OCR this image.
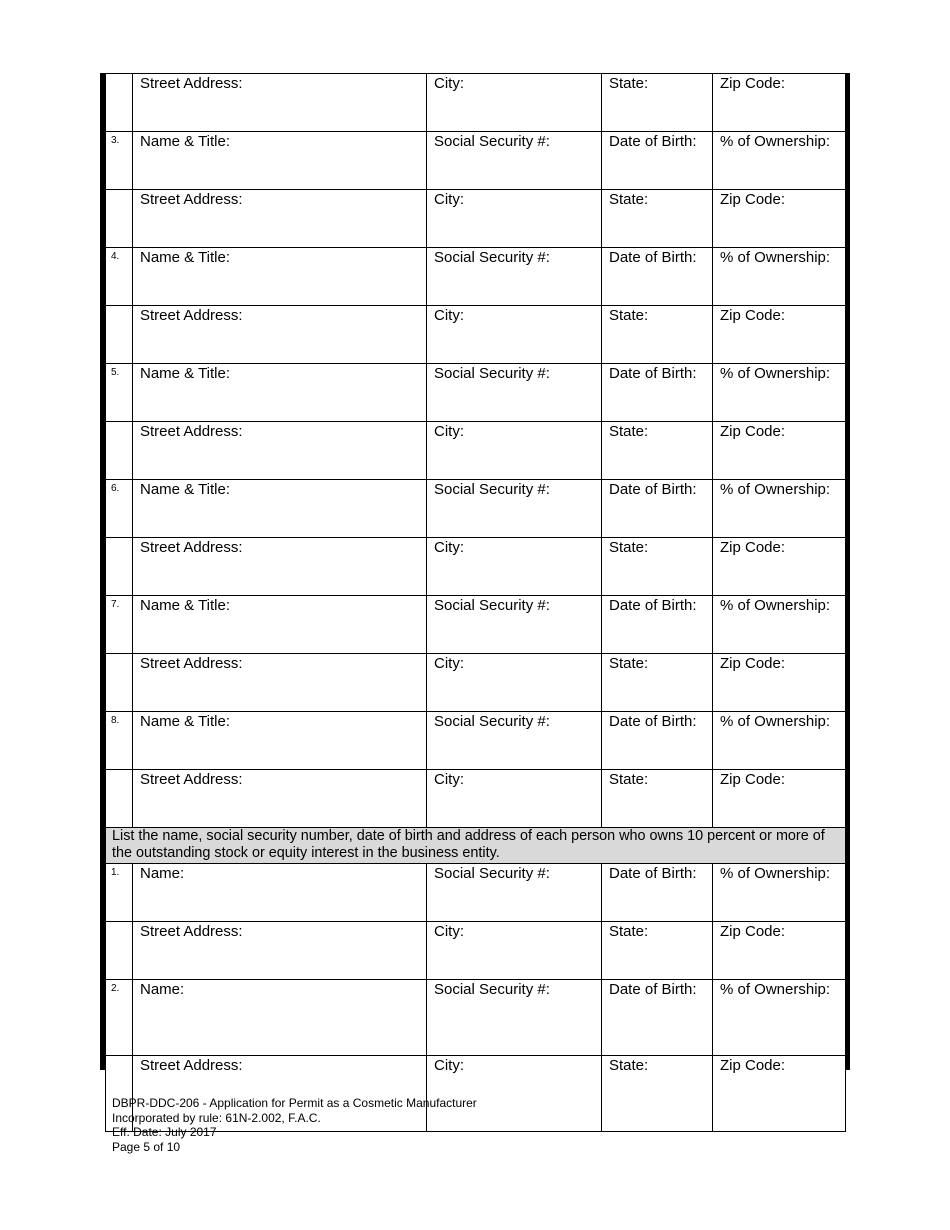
	Street Address:	City:	State:	Zip Code:
3.	Name & Title:	Social Security #:	Date of Birth:	% of Ownership:
	Street Address:	City:	State:	Zip Code:
4.	Name & Title:	Social Security #:	Date of Birth:	% of Ownership:
	Street Address:	City:	State:	Zip Code:
5.	Name & Title:	Social Security #:	Date of Birth:	% of Ownership:
	Street Address:	City:	State:	Zip Code:
6.	Name & Title:	Social Security #:	Date of Birth:	% of Ownership:
	Street Address:	City:	State:	Zip Code:
7.	Name & Title:	Social Security #:	Date of Birth:	% of Ownership:
	Street Address:	City:	State:	Zip Code:
8.	Name & Title:	Social Security #:	Date of Birth:	% of Ownership:
	Street Address:	City:	State:	Zip Code:
List the name, social security number, date of birth and address of each person who owns 10 percent or more of the outstanding stock or equity interest in the business entity.				
1.	Name:	Social Security #:	Date of Birth:	% of Ownership:
	Street Address:	City:	State:	Zip Code:
2.	Name:	Social Security #:	Date of Birth:	% of Ownership:
	Street Address:	City:	State:	Zip Code:
DBPR-DDC-206 - Application for Permit as a Cosmetic Manufacturer
Incorporated by rule: 61N-2.002, F.A.C.
Eff. Date: July 2017
Page 5 of 10
